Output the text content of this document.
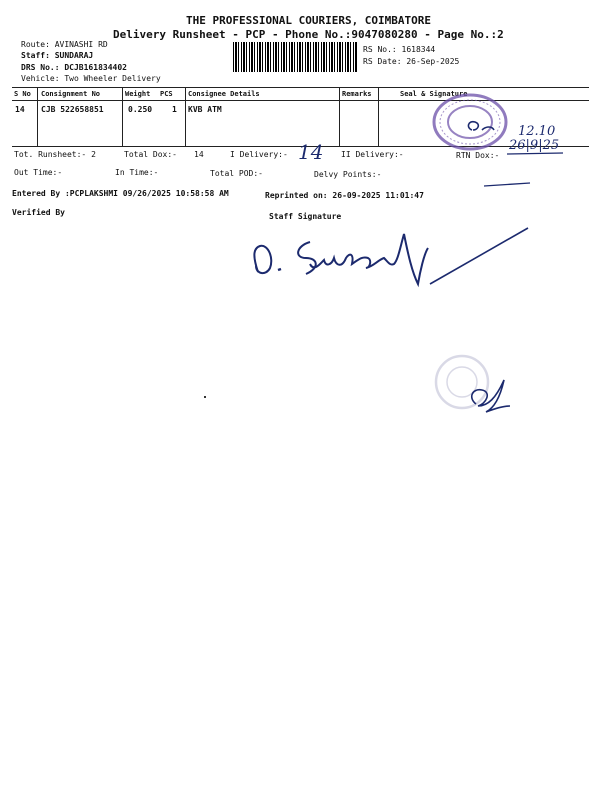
THE PROFESSIONAL COURIERS, COIMBATORE
Delivery Runsheet - PCP - Phone No.:9047080280 - Page No.:2
Route: AVINASHI RD
Staff: SUNDARAJ
DRS No.: DCJB161834402
Vehicle: Two Wheeler Delivery
RS No.: 1618344
RS Date: 26-Sep-2025
S No Consignment No	Weight PCS Consignee Details	Remarks	Seal & Signature
14 CJB 522658851	0.250 1 KVB ATM
12.10
26|9|25
Tot. Runsheet:- 2	Total Dox:- 14	I Delivery:- 14 II Delivery:-	RTN Dox:-
Out Time:-	In Time:-	Total POD:-	Delvy Points:-
Entered By :PCPLAKSHMI 09/26/2025 10:58:58 AM	Reprinted on: 26-09-2025 11:01:47
Verified By	Staff Signature
